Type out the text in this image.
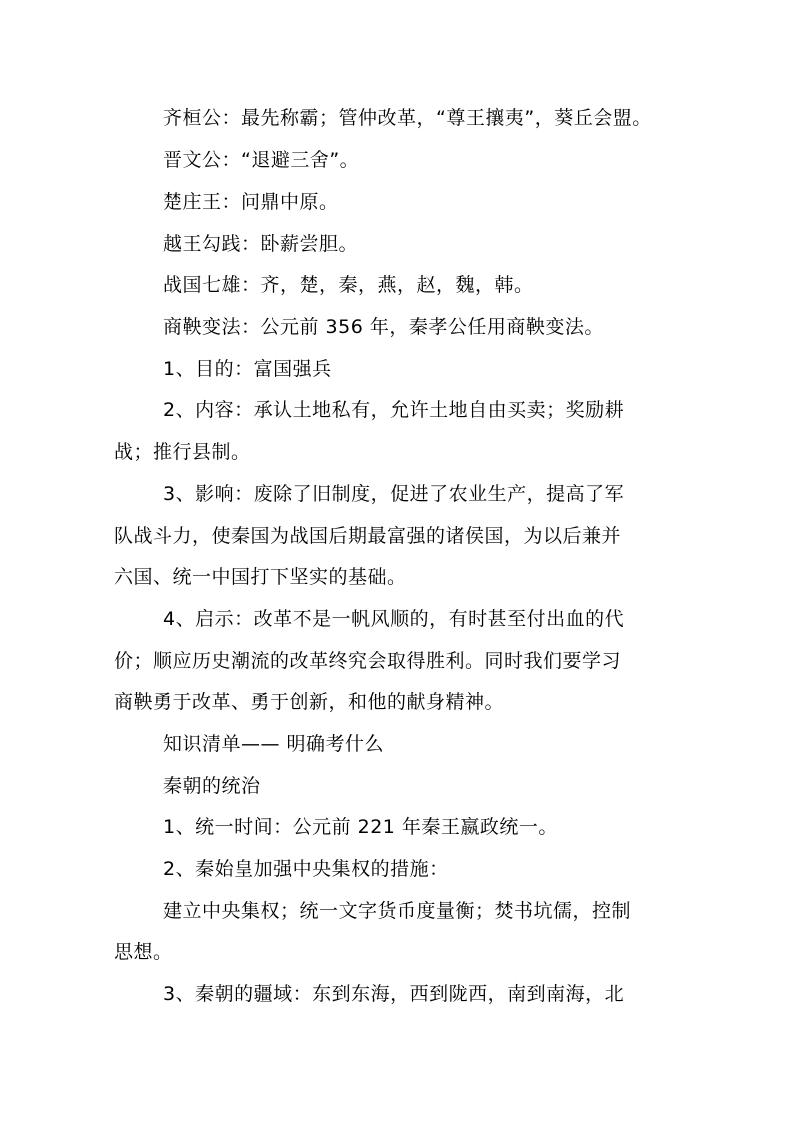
齐桓公：最先称霸；管仲改革，“尊王攘夷”，葵丘会盟。
晋文公：“退避三舍”。
楚庄王：问鼎中原。
越王勾践：卧薪尝胆。
战国七雄：齐，楚，秦，燕，赵，魏，韩。
商鞅变法：公元前 356 年，秦孝公任用商鞅变法。
1、目的：富国强兵
2、内容：承认土地私有，允许土地自由买卖；奖励耕
战；推行县制。
3、影响：废除了旧制度，促进了农业生产，提高了军
队战斗力，使秦国为战国后期最富强的诸侯国，为以后兼并
六国、统一中国打下坚实的基础。
4、启示：改革不是一帆风顺的，有时甚至付出血的代
价；顺应历史潮流的改革终究会取得胜利。同时我们要学习
商鞅勇于改革、勇于创新，和他的献身精神。
知识清单—— 明确考什么
秦朝的统治
1、统一时间：公元前 221 年秦王嬴政统一。
2、秦始皇加强中央集权的措施：
建立中央集权；统一文字货币度量衡；焚书坑儒，控制
思想。
3、秦朝的疆域：东到东海，西到陇西，南到南海，北
